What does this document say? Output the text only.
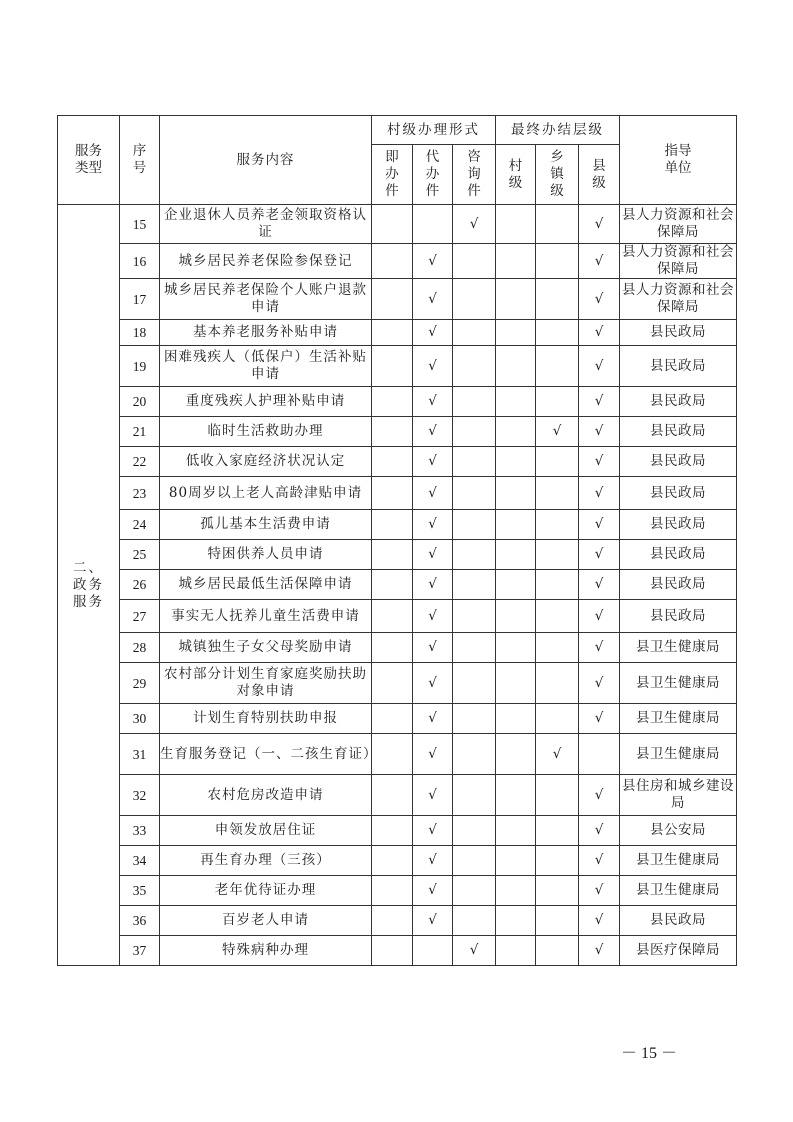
服务类型	序号	服务内容	村级办理形式			最终办结层级			指导单位
			即办件	代办件	咨询件	村级	乡镇级	县级	
二、政务服务	15	企业退休人员养老金领取资格认证			√			√	县人力资源和社会保障局
	16	城乡居民养老保险参保登记		√				√	县人力资源和社会保障局
	17	城乡居民养老保险个人账户退款申请		√				√	县人力资源和社会保障局
	18	基本养老服务补贴申请		√				√	县民政局
	19	困难残疾人（低保户）生活补贴申请		√				√	县民政局
	20	重度残疾人护理补贴申请		√				√	县民政局
	21	临时生活救助办理		√			√	√	县民政局
	22	低收入家庭经济状况认定		√				√	县民政局
	23	80周岁以上老人高龄津贴申请		√				√	县民政局
	24	孤儿基本生活费申请		√				√	县民政局
	25	特困供养人员申请		√				√	县民政局
	26	城乡居民最低生活保障申请		√				√	县民政局
	27	事实无人抚养儿童生活费申请		√				√	县民政局
	28	城镇独生子女父母奖励申请		√				√	县卫生健康局
	29	农村部分计划生育家庭奖励扶助对象申请		√				√	县卫生健康局
	30	计划生育特别扶助申报		√				√	县卫生健康局
	31	生育服务登记（一、二孩生育证）		√			√		县卫生健康局
	32	农村危房改造申请		√				√	县住房和城乡建设局
	33	申领发放居住证		√				√	县公安局
	34	再生育办理（三孩）		√				√	县卫生健康局
	35	老年优待证办理		√				√	县卫生健康局
	36	百岁老人申请		√				√	县民政局
	37	特殊病种办理			√			√	县医疗保障局
－ 15 －
